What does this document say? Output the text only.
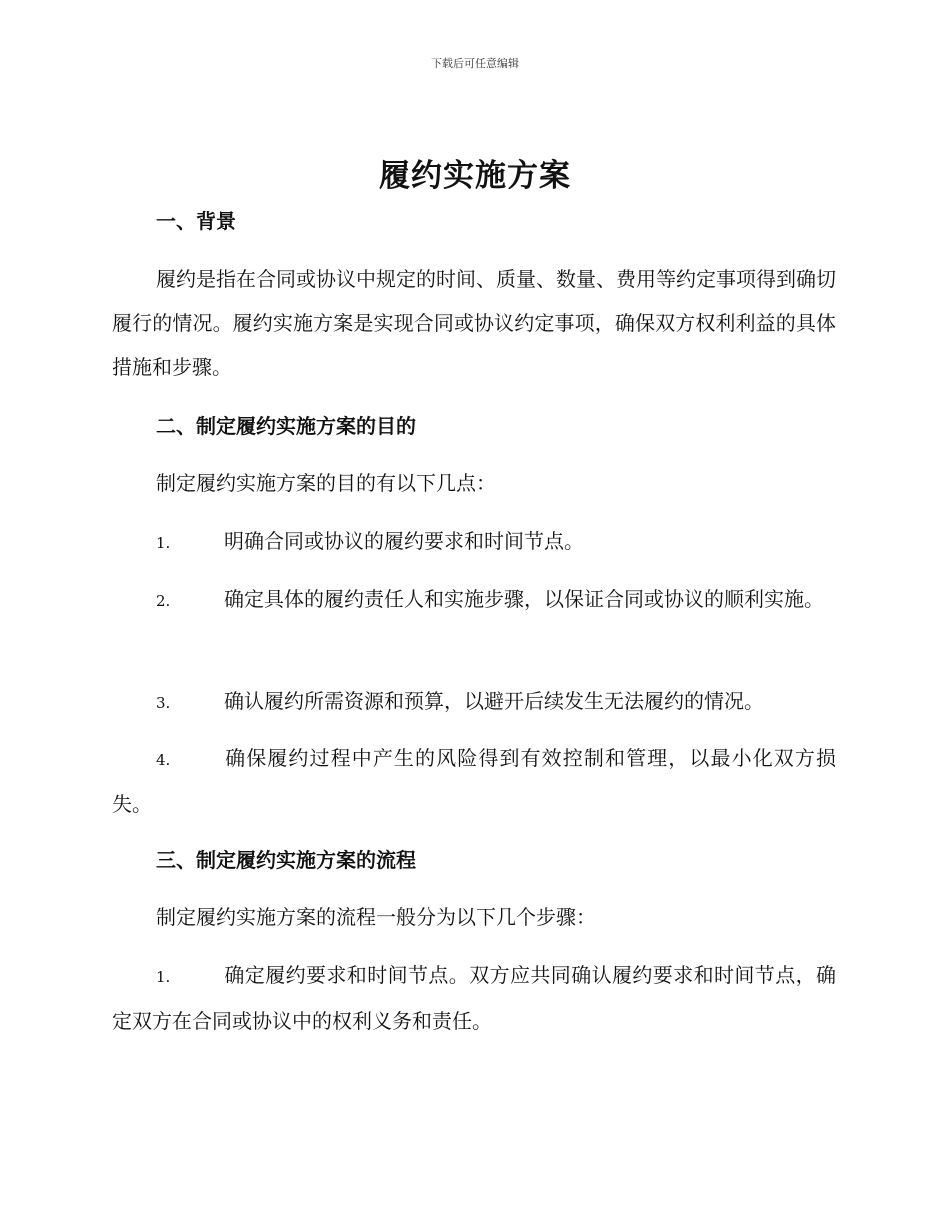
下载后可任意编辑
履约实施方案
一、背景
履约是指在合同或协议中规定的时间、质量、数量、费用等约定事项得到确切履行的情况。履约实施方案是实现合同或协议约定事项，确保双方权利利益的具体措施和步骤。
二、制定履约实施方案的目的
制定履约实施方案的目的有以下几点：
1.	明确合同或协议的履约要求和时间节点。
2.	确定具体的履约责任人和实施步骤，以保证合同或协议的顺利实施。
3.	确认履约所需资源和预算，以避开后续发生无法履约的情况。
4.	确保履约过程中产生的风险得到有效控制和管理，以最小化双方损失。
三、制定履约实施方案的流程
制定履约实施方案的流程一般分为以下几个步骤：
1.	确定履约要求和时间节点。双方应共同确认履约要求和时间节点，确定双方在合同或协议中的权利义务和责任。
